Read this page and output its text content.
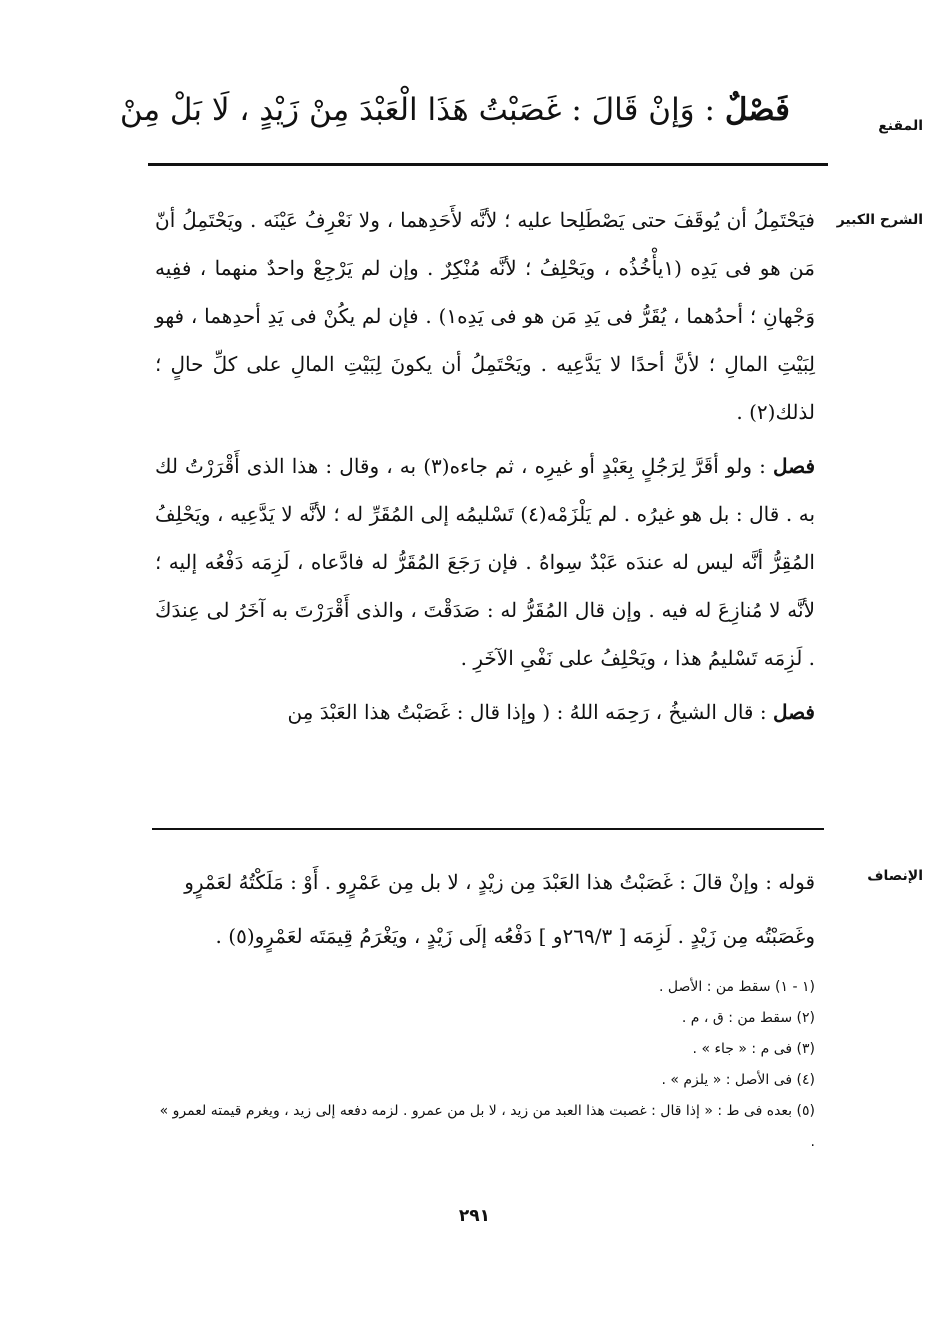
المقنع
فَصْلٌ : وَإنْ قَالَ : غَصَبْتُ هَذَا الْعَبْدَ مِنْ زَيْدٍ ، لَا بَلْ مِنْ
الشرح الكبير

فيَحْتَمِلُ أن يُوقَفَ حتى يَصْطَلِحا عليه ؛ لأنَّه لأَحَدِهما ، ولا نَعْرِفُ عَيْنَه . ويَحْتَمِلُ أنّ مَن هو فى يَدِه (١يأْخُذُه ، ويَحْلِفُ ؛ لأنَّه مُنْكِرٌ . وإن لم يَرْجِعْ واحدٌ منهما ، ففِيه وَجْهانِ ؛ أحدُهما ، يُقَرُّ فى يَدِ مَن هو فى يَدِه١) . فإن لم يكُنْ فى يَدِ أحدِهما ، فهو لِبَيْتِ المالِ ؛ لأنَّ أحدًا لا يَدَّعِيه . ويَحْتَمِلُ أن يكونَ لِبَيْتِ المالِ على كلِّ حالٍ ؛ لذلك(٢) .

فصل : ولو أقَرَّ لِرَجُلٍ بِعَبْدٍ أو غيرِه ، ثم جاءه(٣) به ، وقال : هذا الذى أَقْرَرْتُ لك به . قال : بل هو غيرُه . لم يَلْزَمْه(٤) تَسْليمُه إلى المُقَرِّ له ؛ لأنَّه لا يَدَّعِيه ، ويَحْلِفُ المُقِرُّ أنَّه ليس له عندَه عَبْدٌ سِواهُ . فإن رَجَعَ المُقَرُّ له فادَّعاه ، لَزِمَه دَفْعُه إليه ؛ لأنَّه لا مُنازِعَ له فيه . وإن قال المُقَرُّ له : صَدَقْتَ ، والذى أَقْرَرْتَ به آخَرُ لى عِندَكَ . لَزِمَه تَسْليمُ هذا ، ويَحْلِفُ على نَفْىِ الآخَرِ .

فصل : قال الشيخُ ، رَحِمَه اللهُ : ( وإذا قال : غَصَبْتُ هذا العَبْدَ مِن

الإنصاف

قوله : وإنْ قالَ : غَصَبْتُ هذا العَبْدَ مِن زيْدٍ ، لا بل مِن عَمْرٍو . أَوْ : مَلَكْتُهُ لعَمْرٍو وغَصَبْتُه مِن زَيْدٍ . لَزِمَه [ ٢٦٩/٣و ] دَفْعُه إلَى زَيْدٍ ، ويَغْرَمُ قِيمَتَه لعَمْرٍو(٥) .

(١ - ١) سقط من : الأصل .
(٢) سقط من : ق ، م .
(٣) فى م : « جاء » .
(٤) فى الأصل : « يلزم » .
(٥) بعده فى ط : « إذا قال : غصبت هذا العبد من زيد ، لا بل من عمرو . لزمه دفعه إلى زيد ، ويغرم قيمته لعمرو » .
٢٩١
